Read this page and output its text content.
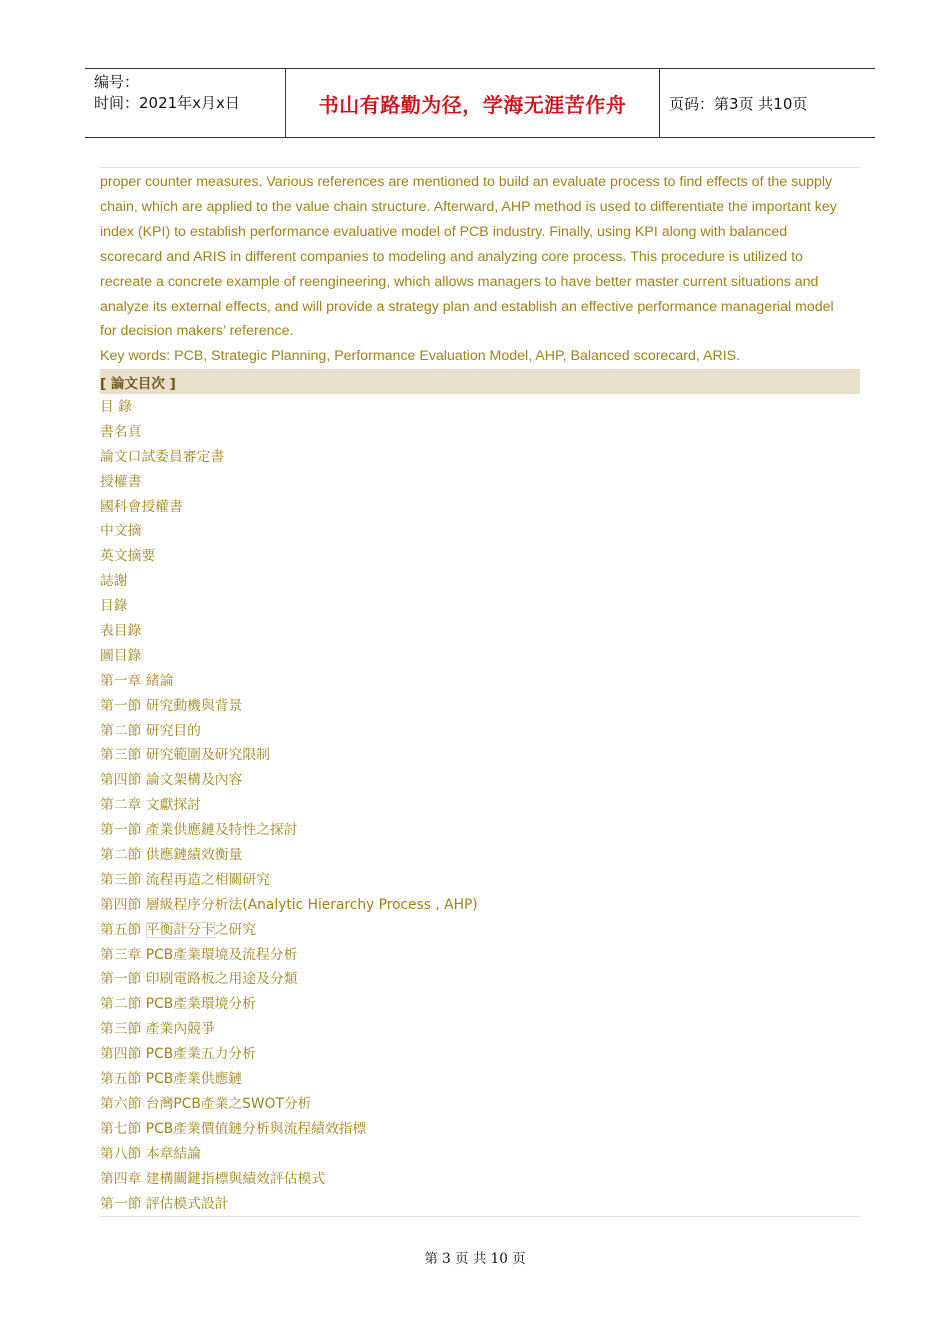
编号：
时间：2021年x月x日	书山有路勤为径，学海无涯苦作舟	页码：第3页 共10页

proper counter measures. Various references are mentioned to build an evaluate process to find effects of the supply

chain, which are applied to the value chain structure. Afterward, AHP method is used to differentiate the important key

index (KPI) to establish performance evaluative model of PCB industry. Finally, using KPI along with balanced

scorecard and ARIS in different companies to modeling and analyzing core process. This procedure is utilized to

recreate a concrete example of reengineering, which allows managers to have better master current situations and

analyze its external effects, and will provide a strategy plan and establish an effective performance managerial model

for decision makers’ reference.

Key words: PCB, Strategic Planning, Performance Evaluation Model, AHP, Balanced scorecard, ARIS.

[ 論文目次 ]
目 錄
書名頁
論文口試委員審定書
授權書
國科會授權書
中文摘
英文摘要
誌謝
目錄
表目錄
圖目錄
第一章 緒論
第一節 研究動機與背景
第二節 研究目的
第三節 研究範圍及研究限制
第四節 論文架構及內容
第二章 文獻探討
第一節 產業供應鏈及特性之探討
第二節 供應鏈績效衡量
第三節 流程再造之相關研究
第四節 層級程序分析法(Analytic Hierarchy Process , AHP)
第五節 平衡計分卡之研究
第三章 PCB產業環境及流程分析
第一節 印刷電路板之用途及分類
第二節 PCB產業環境分析
第三節 產業內競爭
第四節 PCB產業五力分析
第五節 PCB產業供應鏈
第六節 台灣PCB產業之SWOT分析
第七節 PCB產業價值鏈分析與流程績效指標
第八節 本章結論
第四章 建構關鍵指標與績效評估模式
第一節 評估模式設計
第 3 页 共 10 页
